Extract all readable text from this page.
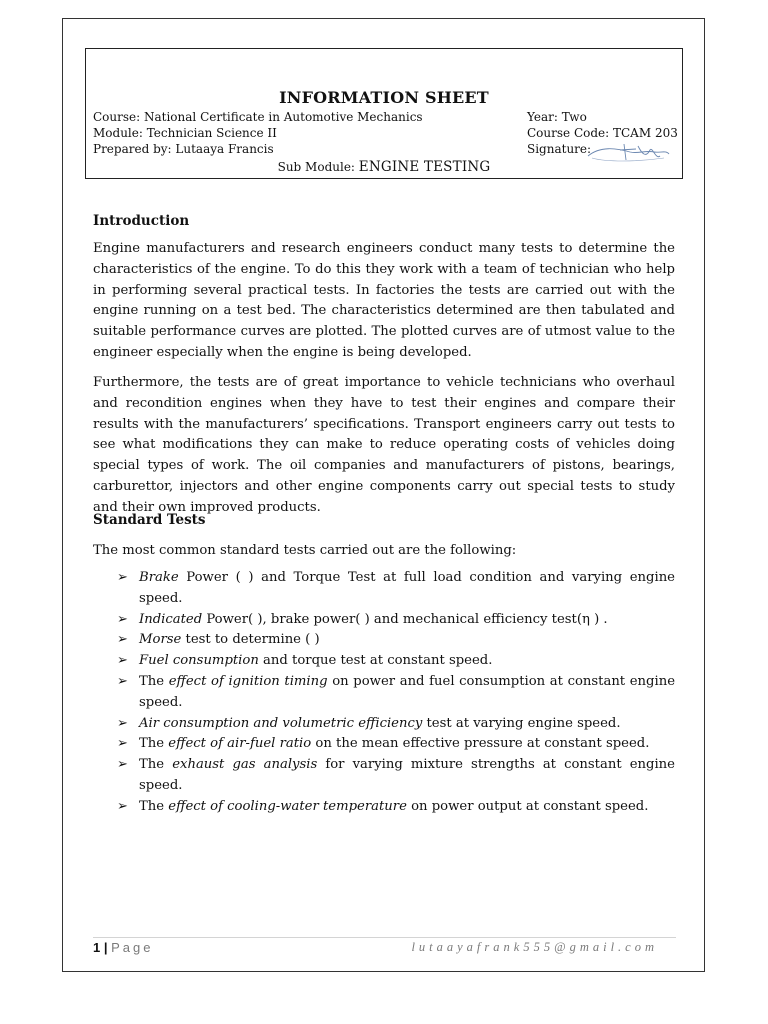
INFORMATION SHEET
Course: National Certificate in Automotive Mechanics
Module: Technician Science II
Prepared by: Lutaaya Francis
Year: Two
Course Code: TCAM 203
Signature:
Sub Module: ENGINE TESTING
Introduction

Engine manufacturers and research engineers conduct many tests to determine the characteristics of the engine. To do this they work with a team of technician who help in performing several practical tests. In factories the tests are carried out with the engine running on a test bed. The characteristics determined are then tabulated and suitable performance curves are plotted. The plotted curves are of utmost value to the engineer especially when the engine is being developed.

Furthermore, the tests are of great importance to vehicle technicians who overhaul and recondition engines when they have to test their engines and compare their results with the manufacturers’ specifications. Transport engineers carry out tests to see what modifications they can make to reduce operating costs of vehicles doing special types of work. The oil companies and manufacturers of pistons, bearings, carburettor, injectors and other engine components carry out special tests to study and their own improved products.

Standard Tests
The most common standard tests carried out are the following:
➢ Brake Power ( ) and Torque Test at full load condition and varying engine speed.
➢ Indicated Power( ), brake power( ) and mechanical efficiency test(η ) .
➢ Morse test to determine ( )
➢ Fuel consumption and torque test at constant speed.
➢ The effect of ignition timing on power and fuel consumption at constant engine speed.
➢ Air consumption and volumetric efficiency test at varying engine speed.
➢ The effect of air-fuel ratio on the mean effective pressure at constant speed.
➢ The exhaust gas analysis for varying mixture strengths at constant engine speed.
➢ The effect of cooling-water temperature on power output at constant speed.
1 | Page	lutaayafrank555@gmail.com
